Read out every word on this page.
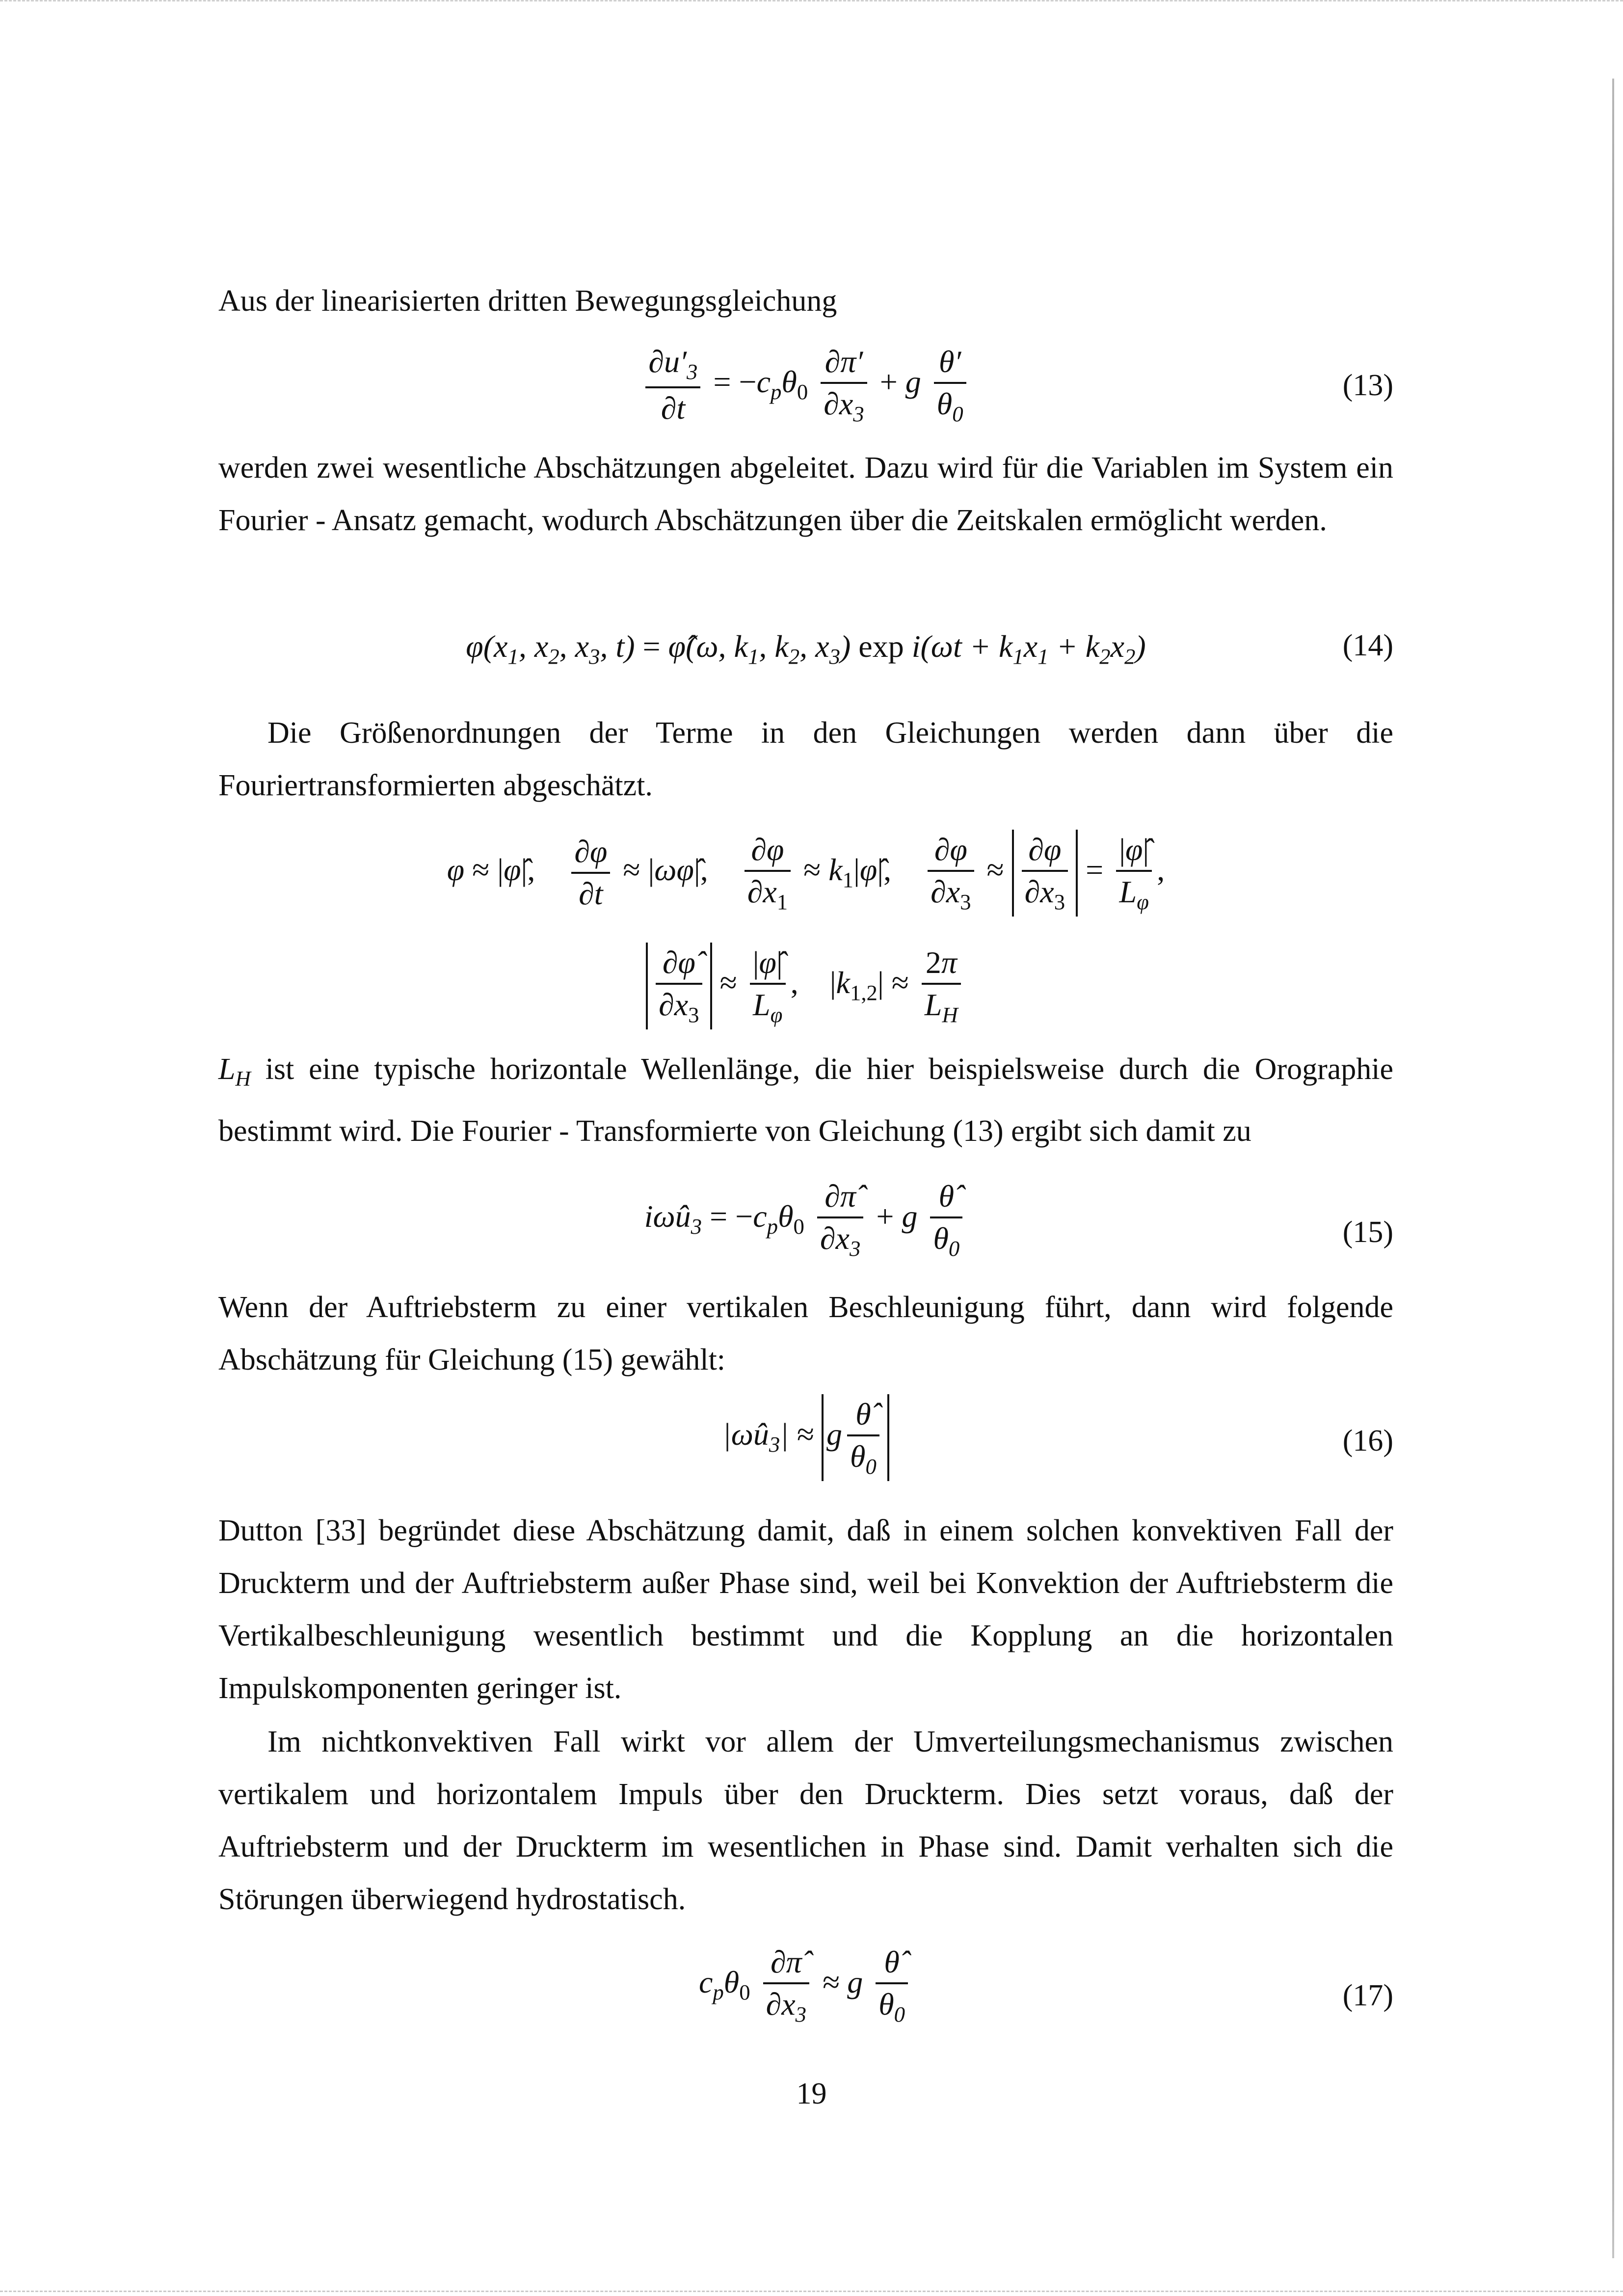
Aus der linearisierten dritten Bewegungsgleichung

$\frac{\partial u'_3}{\partial t} = -c_p\theta_0 \frac{\partial\pi'}{\partial x_3} + g \frac{\theta'}{\theta_0}$	(13)

werden zwei wesentliche Abschätzungen abgeleitet. Dazu wird für die Variablen im System ein Fourier - Ansatz gemacht, wodurch Abschätzungen über die Zeitskalen ermöglicht werden.

$\varphi(x_1$, $x_2$, $x_3$, t) = φ̂(ω, $k_1$, $k_2$, $x_3$) $\exp i(\omega t + k_1x_1 + k_2x_2)$	(14)

Die Größenordnungen der Terme in den Gleichungen werden dann über die Fouriertransformierten abgeschätzt.

φ ≈ |φ̂|, $\frac{\partial\varphi}{\partial t}$ ≈ |ωφ̂|, $\frac{\partial\varphi}{\partial x_1}$ ≈ $k_1|\varphî|$, $\frac{\partial\varphi}{\partial x_3} \approx \frac{\partial\varphi}{\partial x_3} = \frac{|\varphî|}{L_\varphi}$ ,
$\frac{\partial\varphî}{\partial x_3} \approx \frac{|\varphî|}{L_\varphi}$ ,    $|k_{1,2}| \approx \frac{2\pi}{L_H}$

$L_H$ ist eine typische horizontale Wellenlänge, die hier beispielsweise durch die Orographie bestimmt wird. Die Fourier - Transformierte von Gleichung (13) ergibt sich damit zu

iωû$_3$ = $-c_p\theta_0 \frac{\partial\pî}{\partial x_3} + g \frac{\thetâ}{\theta_0}$	(15)

Wenn der Auftriebsterm zu einer vertikalen Beschleunigung führt, dann wird folgende Abschätzung für Gleichung (15) gewählt:

$|\omega û_3| \approx g \frac{\thetâ}{\theta_0}$	(16)

Dutton [33] begründet diese Abschätzung damit, daß in einem solchen konvektiven Fall der Druckterm und der Auftriebsterm außer Phase sind, weil bei Konvektion der Auftriebsterm die Vertikalbeschleunigung wesentlich bestimmt und die Kopplung an die horizontalen Impulskomponenten geringer ist.

Im nichtkonvektiven Fall wirkt vor allem der Umverteilungsmechanismus zwischen vertikalem und horizontalem Impuls über den Druckterm. Dies setzt voraus, daß der Auftriebsterm und der Druckterm im wesentlichen in Phase sind. Damit verhalten sich die Störungen überwiegend hydrostatisch.

$c_p\theta_0 \frac{\partial\pî}{\partial x_3} \approx g \frac{\thetâ}{\theta_0}$	(17)
19
